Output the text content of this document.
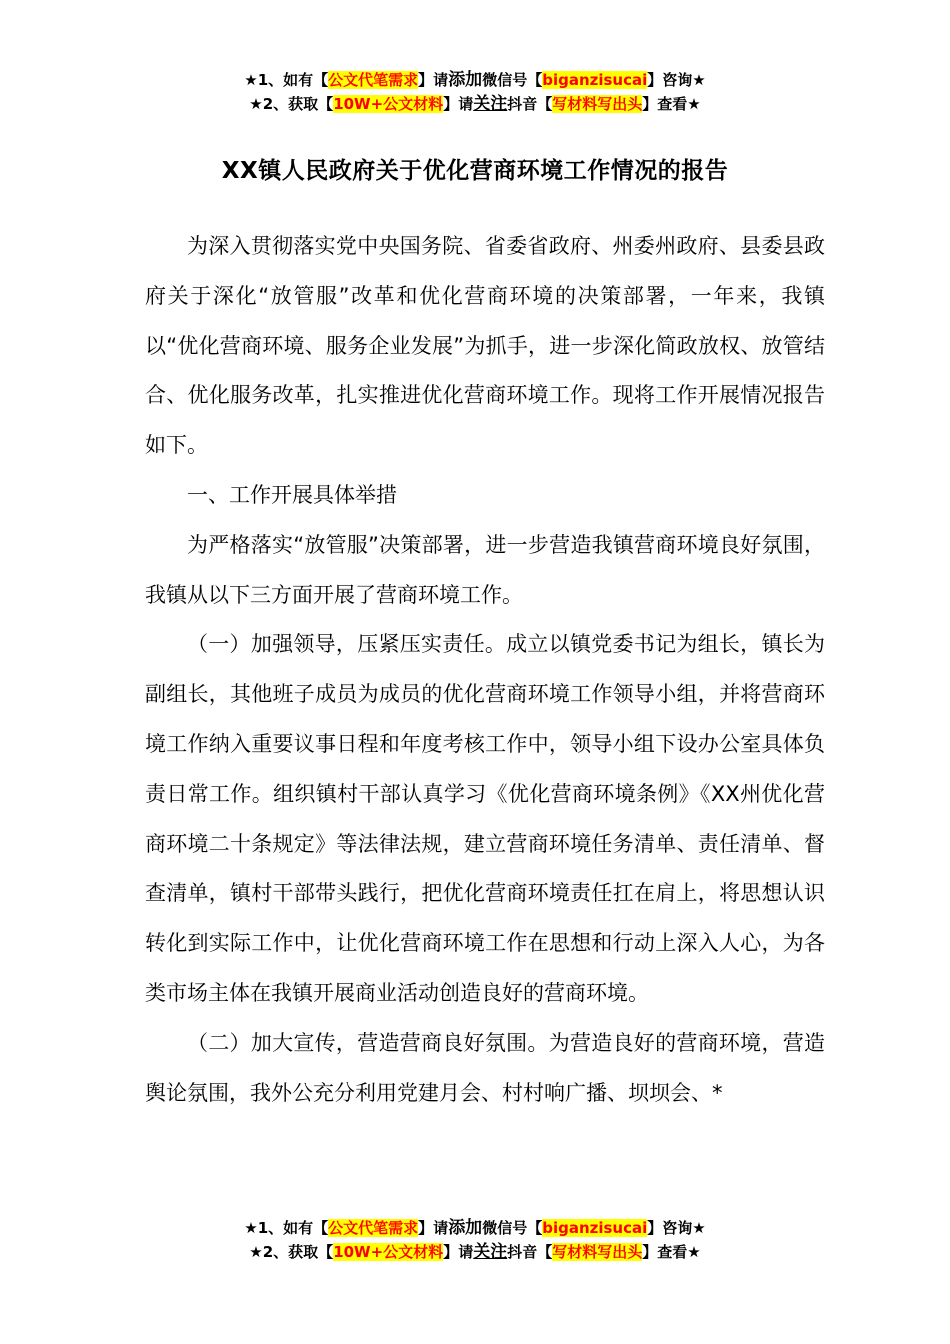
★1、如有【公文代笔需求】请添加微信号【biganzisucai】咨询★
★2、获取【10W+公文材料】请关注抖音【写材料写出头】查看★
XX镇人民政府关于优化营商环境工作情况的报告

为深入贯彻落实党中央国务院、省委省政府、州委州政府、县委县政府关于深化“放管服”改革和优化营商环境的决策部署，一年来，我镇以“优化营商环境、服务企业发展”为抓手，进一步深化简政放权、放管结合、优化服务改革，扎实推进优化营商环境工作。现将工作开展情况报告如下。

一、工作开展具体举措

为严格落实“放管服”决策部署，进一步营造我镇营商环境良好氛围，我镇从以下三方面开展了营商环境工作。

（一）加强领导，压紧压实责任。成立以镇党委书记为组长，镇长为副组长，其他班子成员为成员的优化营商环境工作领导小组，并将营商环境工作纳入重要议事日程和年度考核工作中，领导小组下设办公室具体负责日常工作。组织镇村干部认真学习《优化营商环境条例》《XX州优化营商环境二十条规定》等法律法规，建立营商环境任务清单、责任清单、督查清单，镇村干部带头践行，把优化营商环境责任扛在肩上，将思想认识转化到实际工作中，让优化营商环境工作在思想和行动上深入人心，为各类市场主体在我镇开展商业活动创造良好的营商环境。

（二）加大宣传，营造营商良好氛围。为营造良好的营商环境，营造舆论氛围，我外公充分利用党建月会、村村响广播、坝坝会、*

★1、如有【公文代笔需求】请添加微信号【biganzisucai】咨询★
★2、获取【10W+公文材料】请关注抖音【写材料写出头】查看★
